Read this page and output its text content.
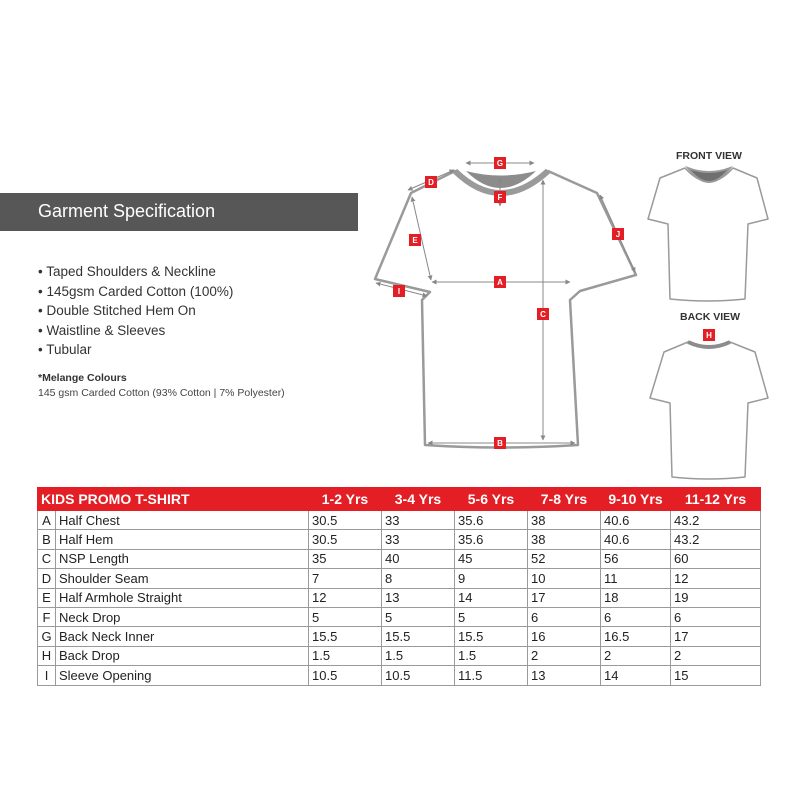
Garment Specification
• Taped Shoulders & Neckline
• 145gsm Carded Cotton (100%)
• Double Stitched Hem On
• Waistline & Sleeves
• Tubular
*Melange Colours
145 gsm Carded Cotton (93% Cotton | 7% Polyester)
G
D
F
E
J
A
I
C
B
H
FRONT VIEW
BACK VIEW
KIDS PROMO T-SHIRT		1-2 Yrs	3-4 Yrs	5-6 Yrs	7-8 Yrs	9-10 Yrs	11-12 Yrs
A	Half Chest	30.5	33	35.6	38	40.6	43.2
B	Half Hem	30.5	33	35.6	38	40.6	43.2
C	NSP Length	35	40	45	52	56	60
D	Shoulder Seam	7	8	9	10	11	12
E	Half Armhole Straight	12	13	14	17	18	19
F	Neck Drop	5	5	5	6	6	6
G	Back Neck Inner	15.5	15.5	15.5	16	16.5	17
H	Back Drop	1.5	1.5	1.5	2	2	2
I	Sleeve Opening	10.5	10.5	11.5	13	14	15
